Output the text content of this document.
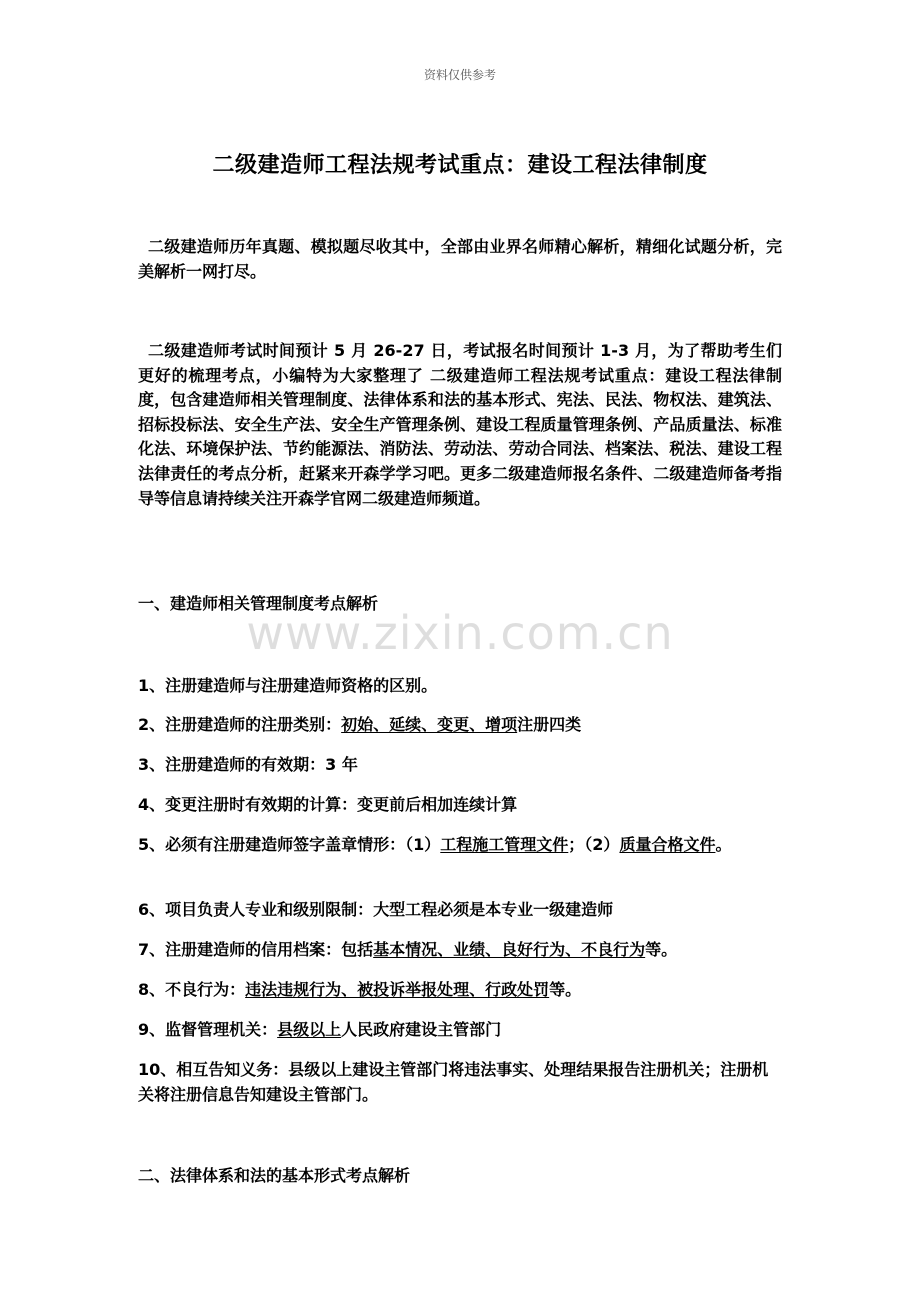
资料仅供参考
二级建造师工程法规考试重点：建设工程法律制度
二级建造师历年真题、模拟题尽收其中，全部由业界名师精心解析，精细化试题分析，完美解析一网打尽。
二级建造师考试时间预计 5 月 26-27 日，考试报名时间预计 1-3 月，为了帮助考生们更好的梳理考点，小编特为大家整理了 二级建造师工程法规考试重点：建设工程法律制度，包含建造师相关管理制度、法律体系和法的基本形式、宪法、民法、物权法、建筑法、招标投标法、安全生产法、安全生产管理条例、建设工程质量管理条例、产品质量法、标准化法、环境保护法、节约能源法、消防法、劳动法、劳动合同法、档案法、税法、建设工程法律责任的考点分析，赶紧来开森学学习吧。更多二级建造师报名条件、二级建造师备考指导等信息请持续关注开森学官网二级建造师频道。
一、建造师相关管理制度考点解析
1、注册建造师与注册建造师资格的区别。
2、注册建造师的注册类别：初始、延续、变更、增项注册四类
3、注册建造师的有效期：3 年
4、变更注册时有效期的计算：变更前后相加连续计算
5、必须有注册建造师签字盖章情形：（1）工程施工管理文件；（2）质量合格文件。
6、项目负责人专业和级别限制：大型工程必须是本专业一级建造师
7、注册建造师的信用档案：包括基本情况、业绩、良好行为、不良行为等。
8、不良行为：违法违规行为、被投诉举报处理、行政处罚等。
9、监督管理机关：县级以上人民政府建设主管部门
10、相互告知义务：县级以上建设主管部门将违法事实、处理结果报告注册机关；注册机关将注册信息告知建设主管部门。
二、法律体系和法的基本形式考点解析
www.zixin.com.cn
